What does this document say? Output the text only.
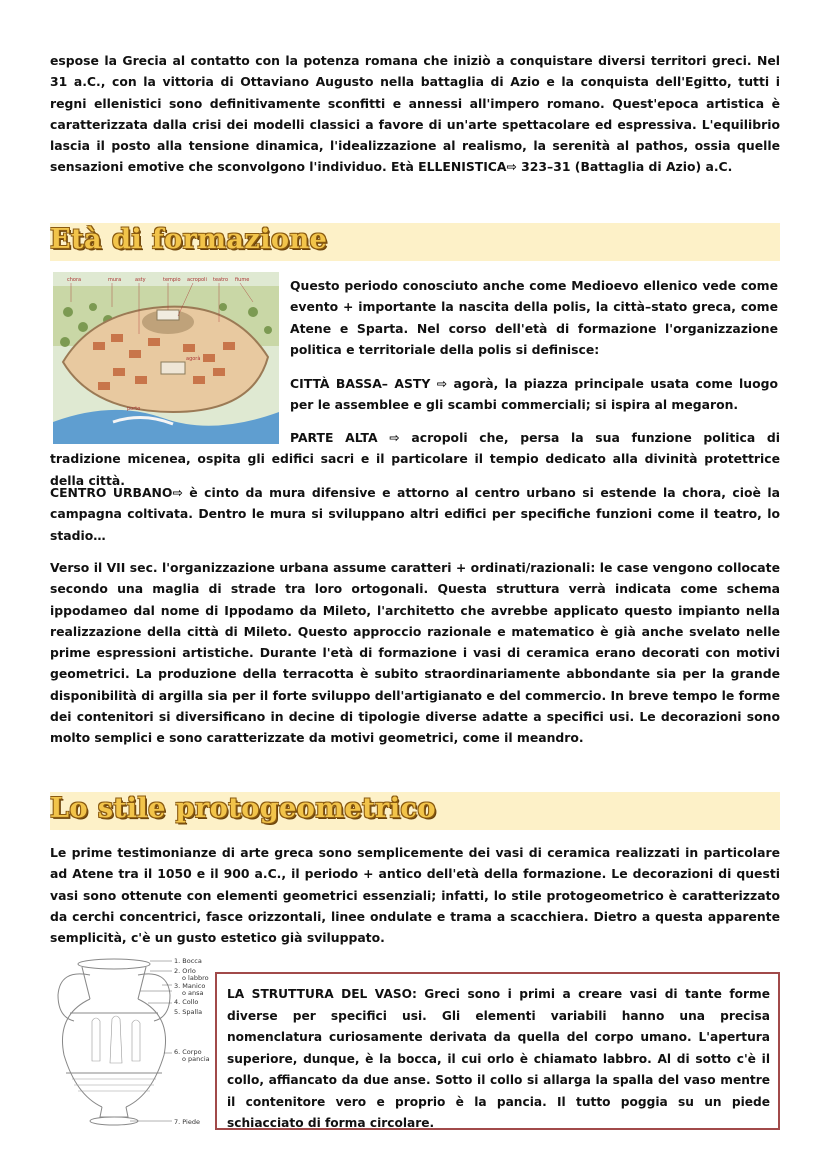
espose la Grecia al contatto con la potenza romana che iniziò a conquistare diversi territori greci. Nel 31 a.C., con la vittoria di Ottaviano Augusto nella battaglia di Azio e la conquista dell'Egitto, tutti i regni ellenistici sono definitivamente sconfitti e annessi all'impero romano. Quest'epoca artistica è caratterizzata dalla crisi dei modelli classici a favore di un'arte spettacolare ed espressiva. L'equilibrio lascia il posto alla tensione dinamica, l'idealizzazione al realismo, la serenità al pathos, ossia quelle sensazioni emotive che sconvolgono l'individuo. Età ELLENISTICA⇨ 323–31 (Battaglia di Azio) a.C.

Età di formazione
chora	mura	asty	tempio acropoli teatro fiume
agorà
porto

Questo periodo conosciuto anche come Medioevo ellenico vede come evento + importante la nascita della polis, la città–stato greca, come Atene e Sparta. Nel corso dell'età di formazione l'organizzazione politica e territoriale della polis si definisce:

CITTÀ BASSA– ASTY ⇨ agorà, la piazza principale usata come luogo per le assemblee e gli scambi commerciali; si ispira al megaron.

PARTE ALTA ⇨ acropoli che, persa la sua funzione politica di tradizione micenea, ospita gli edifici sacri e il particolare il tempio dedicato alla divinità protettrice della città.

CENTRO URBANO⇨ è cinto da mura difensive e attorno al centro urbano si estende la chora, cioè la campagna coltivata. Dentro le mura si sviluppano altri edifici per specifiche funzioni come il teatro, lo stadio…

Verso il VII sec. l'organizzazione urbana assume caratteri + ordinati/razionali: le case vengono collocate secondo una maglia di strade tra loro ortogonali. Questa struttura verrà indicata come schema ippodameo dal nome di Ippodamo da Mileto, l'architetto che avrebbe applicato questo impianto nella realizzazione della città di Mileto. Questo approccio razionale e matematico è già anche svelato nelle prime espressioni artistiche. Durante l'età di formazione i vasi di ceramica erano decorati con motivi geometrici. La produzione della terracotta è subito straordinariamente abbondante sia per la grande disponibilità di argilla sia per il forte sviluppo dell'artigianato e del commercio. In breve tempo le forme dei contenitori si diversificano in decine di tipologie diverse adatte a specifici usi. Le decorazioni sono molto semplici e sono caratterizzate da motivi geometrici, come il meandro.

Lo stile protogeometrico

Le prime testimonianze di arte greca sono semplicemente dei vasi di ceramica realizzati in particolare ad Atene tra il 1050 e il 900 a.C., il periodo + antico dell'età della formazione. Le decorazioni di questi vasi sono ottenute con elementi geometrici essenziali; infatti, lo stile protogeometrico è caratterizzato da cerchi concentrici, fasce orizzontali, linee ondulate e trama a scacchiera. Dietro a questa apparente semplicità, c'è un gusto estetico già sviluppato.

1. Bocca
2. Orlo
o labbro
3. Manico
o ansa
4. Collo
5. Spalla
6. Corpo
o pancia
7. Piede

LA STRUTTURA DEL VASO: Greci sono i primi a creare vasi di tante forme diverse per specifici usi. Gli elementi variabili hanno una precisa nomenclatura curiosamente derivata da quella del corpo umano. L'apertura superiore, dunque, è la bocca, il cui orlo è chiamato labbro. Al di sotto c'è il collo, affiancato da due anse. Sotto il collo si allarga la spalla del vaso mentre il contenitore vero e proprio è la pancia. Il tutto poggia su un piede schiacciato di forma circolare.
